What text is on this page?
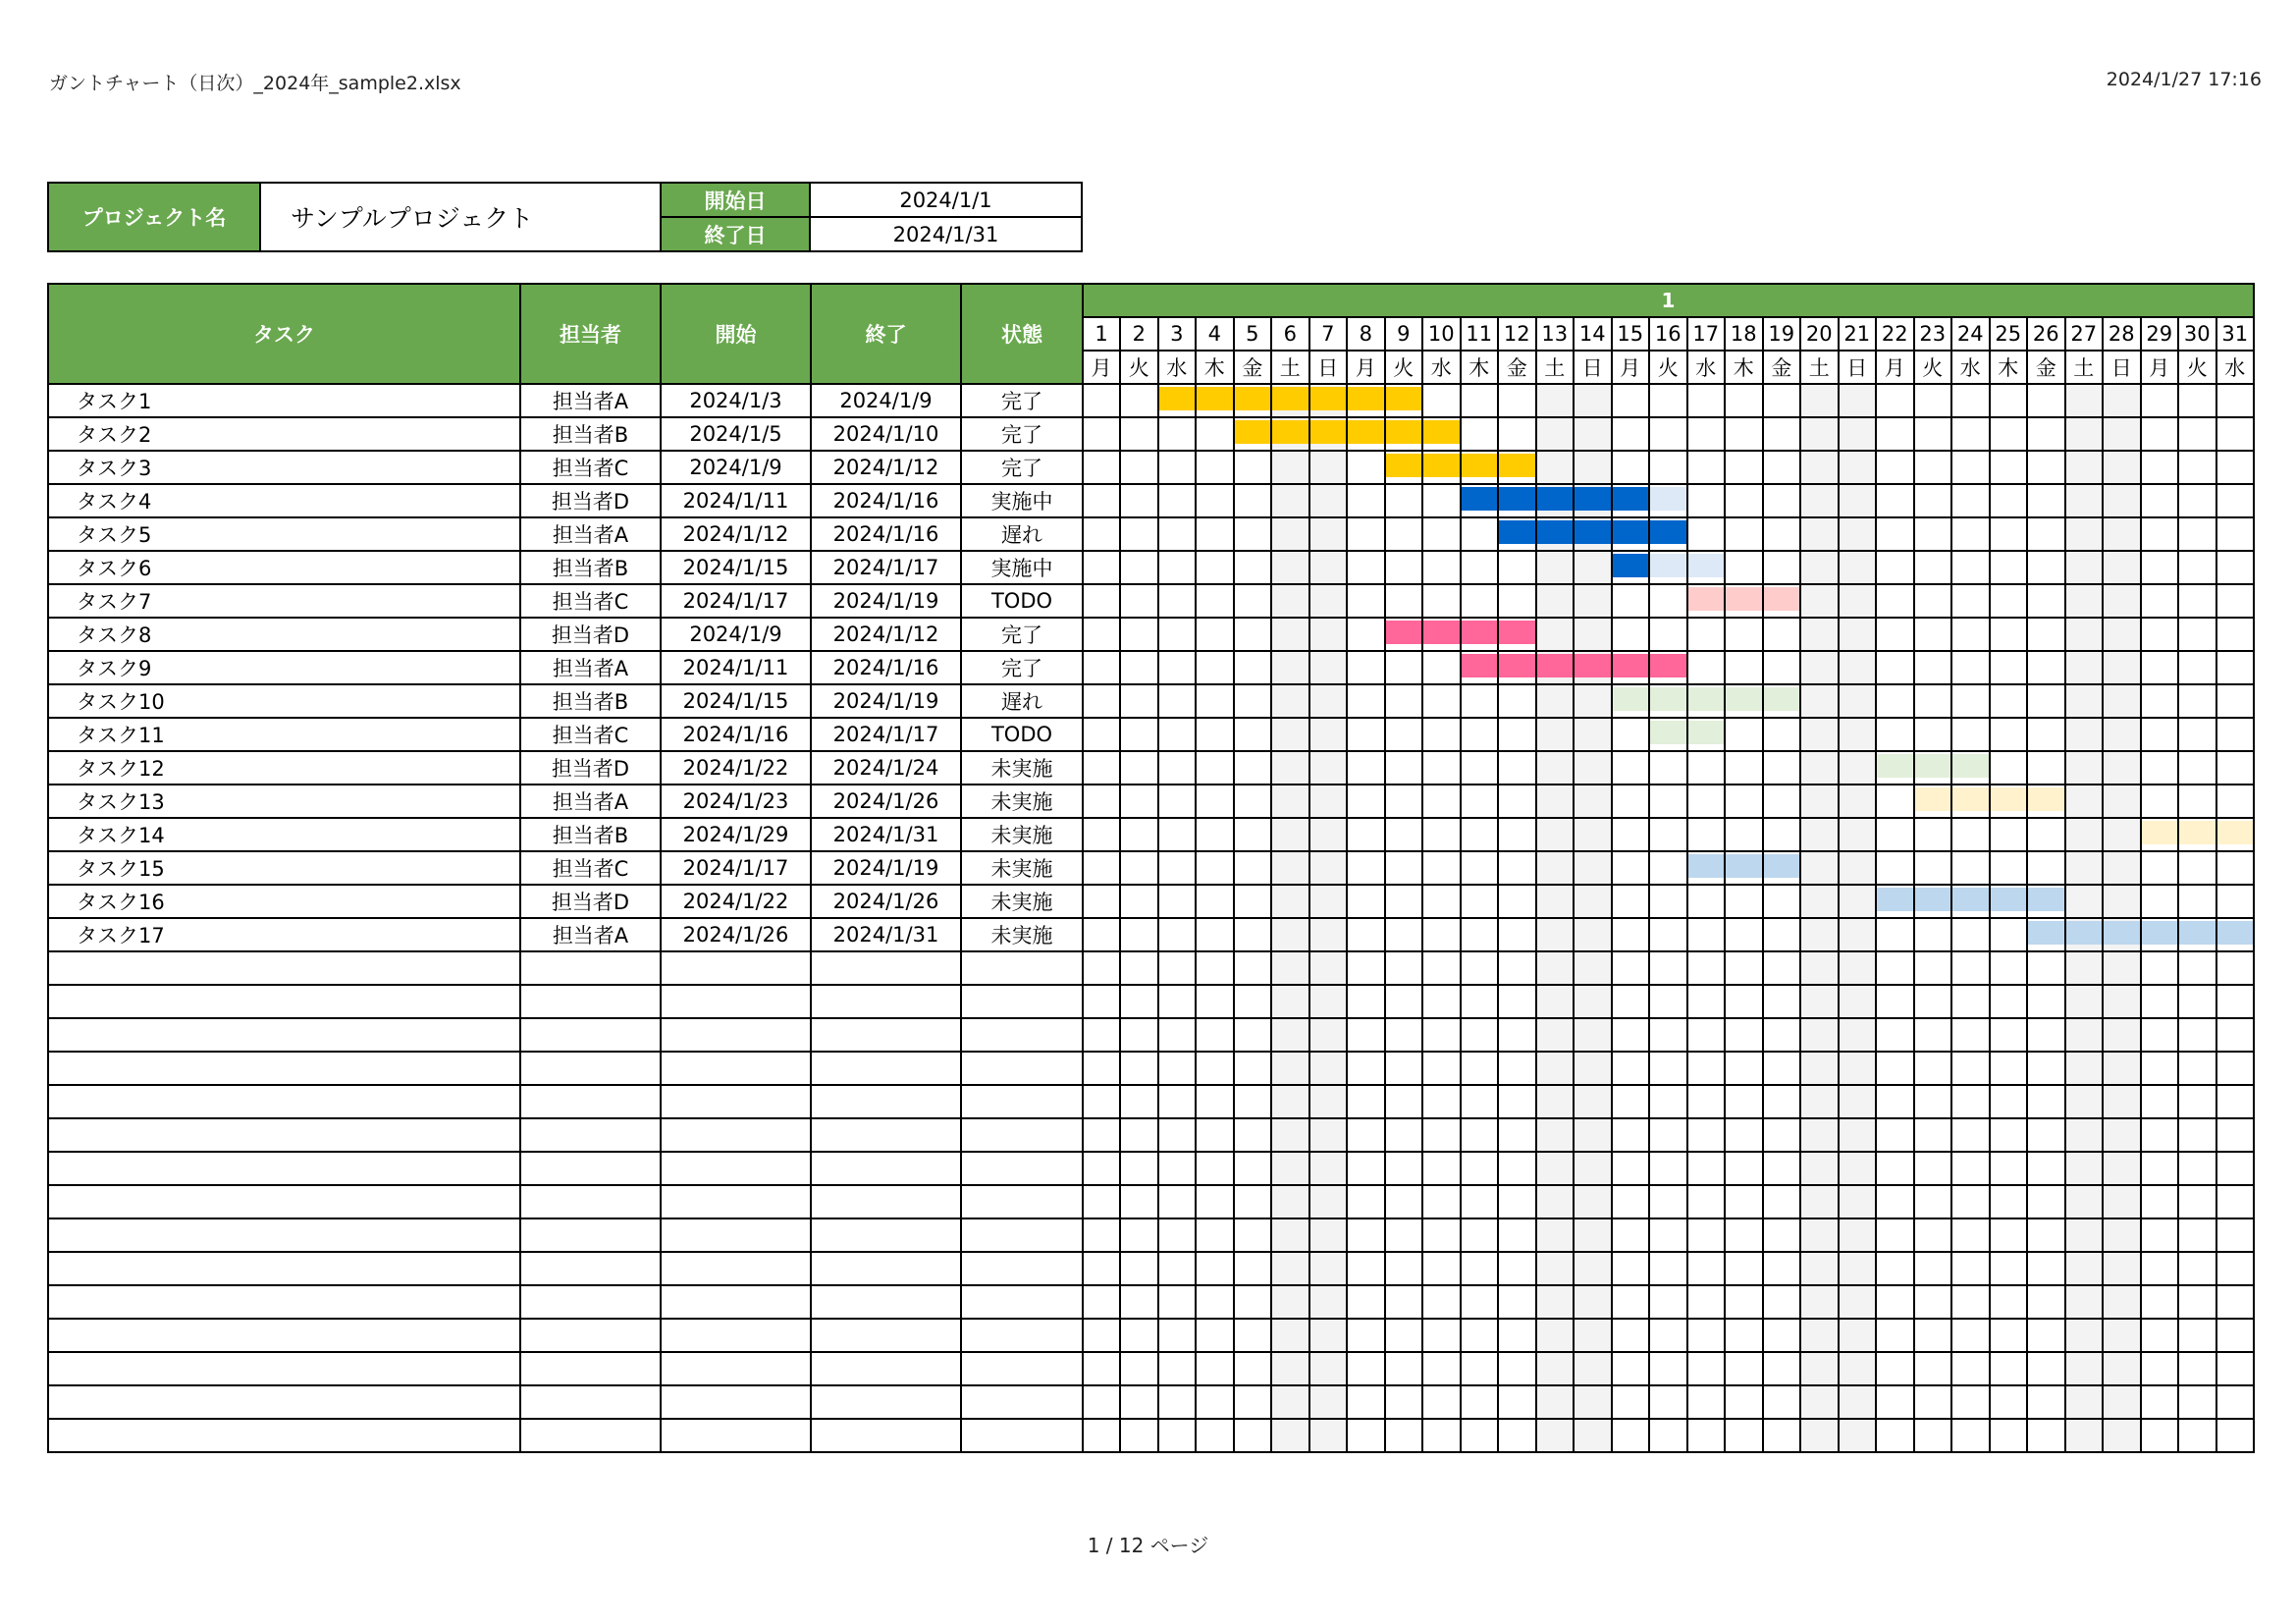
ガントチャート（日次）_2024年_sample2.xlsx	2024/1/27 17:16
プロジェクト名	サンプルプロジェクト	開始日	2024/1/1
		終了日	2024/1/31
タスク	担当者	開始	終了	状態	1																														
					1	2	3	4	5	6	7	8	9	10	11	12	13	14	15	16	17	18	19	20	21	22	23	24	25	26	27	28	29	30	31
					月	火	水	木	金	土	日	月	火	水	木	金	土	日	月	火	水	木	金	土	日	月	火	水	木	金	土	日	月	火	水
タスク1	担当者A	2024/1/3	2024/1/9	完了			

タスク2	担当者B	2024/1/5	2024/1/10	完了					

タスク3	担当者C	2024/1/9	2024/1/12	完了									

タスク4	担当者D	2024/1/11	2024/1/16	実施中											

タスク5	担当者A	2024/1/12	2024/1/16	遅れ												

タスク6	担当者B	2024/1/15	2024/1/17	実施中															

タスク7	担当者C	2024/1/17	2024/1/19	TODO																	

タスク8	担当者D	2024/1/9	2024/1/12	完了									

タスク9	担当者A	2024/1/11	2024/1/16	完了											

タスク10	担当者B	2024/1/15	2024/1/19	遅れ															

タスク11	担当者C	2024/1/16	2024/1/17	TODO																

タスク12	担当者D	2024/1/22	2024/1/24	未実施																						

タスク13	担当者A	2024/1/23	2024/1/26	未実施																							

タスク14	担当者B	2024/1/29	2024/1/31	未実施																													

タスク15	担当者C	2024/1/17	2024/1/19	未実施																	

タスク16	担当者D	2024/1/22	2024/1/26	未実施																						

タスク17	担当者A	2024/1/26	2024/1/31	未実施																										

1 / 12 ページ
